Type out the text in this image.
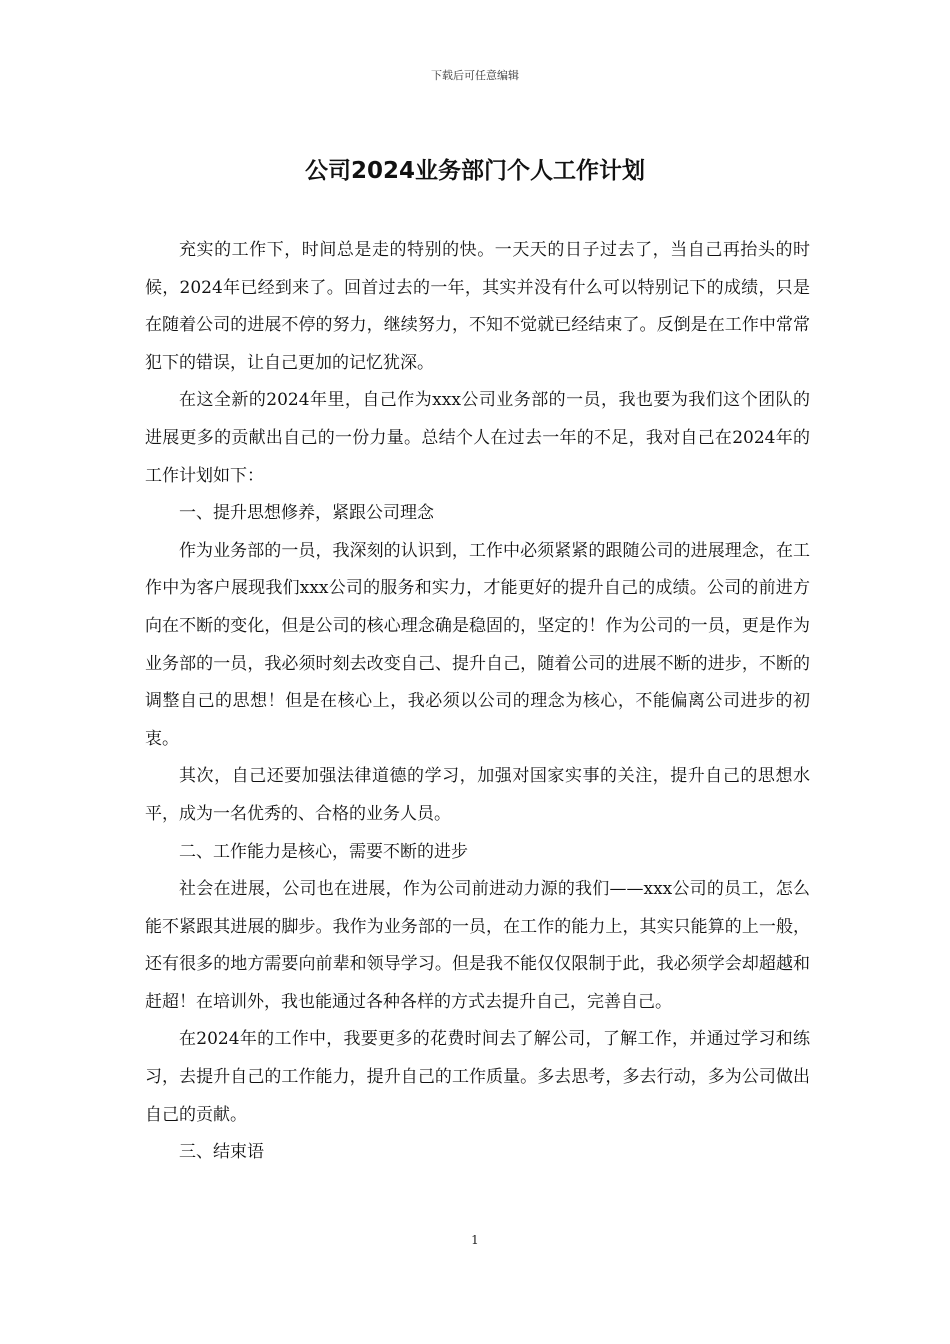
下载后可任意编辑
公司2024业务部门个人工作计划

充实的工作下，时间总是走的特别的快。一天天的日子过去了，当自己再抬头的时候，2024年已经到来了。回首过去的一年，其实并没有什么可以特别记下的成绩，只是在随着公司的进展不停的努力，继续努力，不知不觉就已经结束了。反倒是在工作中常常犯下的错误，让自己更加的记忆犹深。

在这全新的2024年里，自己作为xxx公司业务部的一员，我也要为我们这个团队的进展更多的贡献出自己的一份力量。总结个人在过去一年的不足，我对自己在2024年的工作计划如下：

一、提升思想修养，紧跟公司理念

作为业务部的一员，我深刻的认识到，工作中必须紧紧的跟随公司的进展理念，在工作中为客户展现我们xxx公司的服务和实力，才能更好的提升自己的成绩。公司的前进方向在不断的变化，但是公司的核心理念确是稳固的，坚定的！作为公司的一员，更是作为业务部的一员，我必须时刻去改变自己、提升自己，随着公司的进展不断的进步，不断的调整自己的思想！但是在核心上，我必须以公司的理念为核心，不能偏离公司进步的初衷。

其次，自己还要加强法律道德的学习，加强对国家实事的关注，提升自己的思想水平，成为一名优秀的、合格的业务人员。

二、工作能力是核心，需要不断的进步

社会在进展，公司也在进展，作为公司前进动力源的我们——xxx公司的员工，怎么能不紧跟其进展的脚步。我作为业务部的一员，在工作的能力上，其实只能算的上一般，还有很多的地方需要向前辈和领导学习。但是我不能仅仅限制于此，我必须学会却超越和赶超！在培训外，我也能通过各种各样的方式去提升自己，完善自己。

在2024年的工作中，我要更多的花费时间去了解公司，了解工作，并通过学习和练习，去提升自己的工作能力，提升自己的工作质量。多去思考，多去行动，多为公司做出自己的贡献。

三、结束语

1
